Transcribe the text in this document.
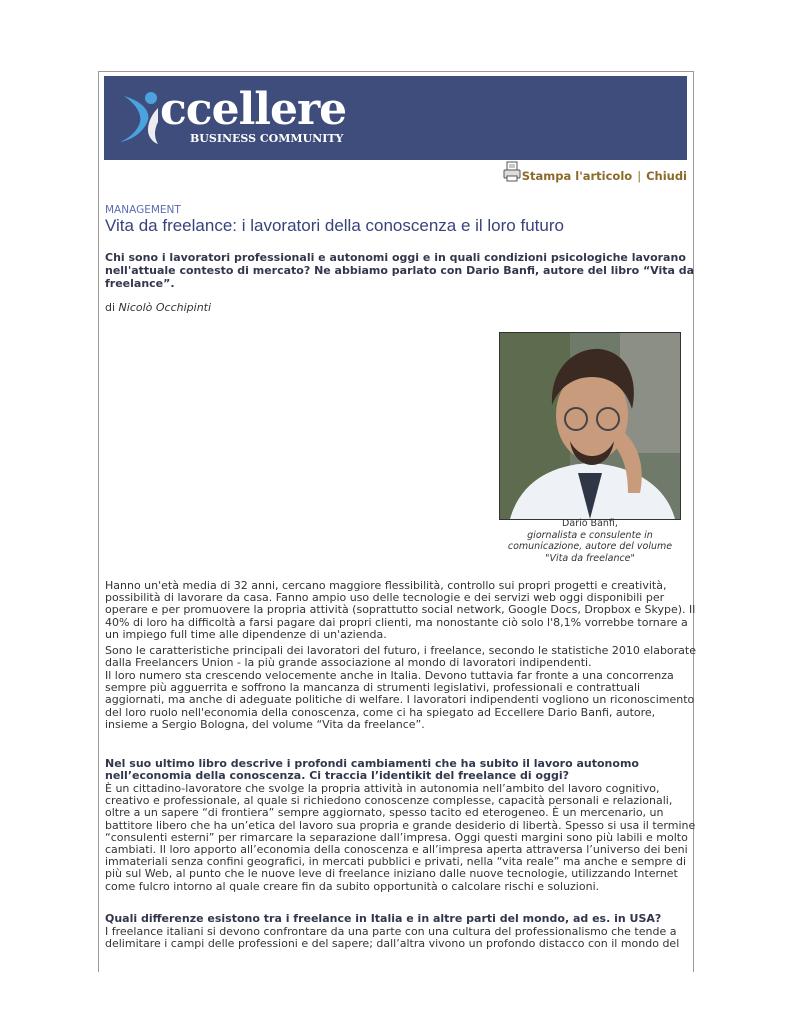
ccellere
BUSINESS COMMUNITY
Stampa l'articolo | Chiudi
MANAGEMENT
Vita da freelance: i lavoratori della conoscenza e il loro futuro

Chi sono i lavoratori professionali e autonomi oggi e in quali condizioni psicologiche lavorano nell'attuale contesto di mercato? Ne abbiamo parlato con Dario Banfi, autore del libro “Vita da freelance”.

di Nicolò Occhipinti
Dario Banfi,
giornalista e consulente in comunicazione, autore del volume "Vita da freelance"

Hanno un'età media di 32 anni, cercano maggiore flessibilità, controllo sui propri progetti e creatività, possibilità di lavorare da casa. Fanno ampio uso delle tecnologie e dei servizi web oggi disponibili per operare e per promuovere la propria attività (soprattutto social network, Google Docs, Dropbox e Skype). Il 40% di loro ha difficoltà a farsi pagare dai propri clienti, ma nonostante ciò solo l'8,1% vorrebbe tornare a un impiego full time alle dipendenze di un'azienda.

Sono le caratteristiche principali dei lavoratori del futuro, i freelance, secondo le statistiche 2010 elaborate dalla Freelancers Union - la più grande associazione al mondo di lavoratori indipendenti.

Il loro numero sta crescendo velocemente anche in Italia. Devono tuttavia far fronte a una concorrenza sempre più agguerrita e soffrono la mancanza di strumenti legislativi, professionali e contrattuali aggiornati, ma anche di adeguate politiche di welfare. I lavoratori indipendenti vogliono un riconoscimento del loro ruolo nell'economia della conoscenza, come ci ha spiegato ad Eccellere Dario Banfi, autore, insieme a Sergio Bologna, del volume “Vita da freelance”.

Nel suo ultimo libro descrive i profondi cambiamenti che ha subito il lavoro autonomo nell’economia della conoscenza. Ci traccia l’identikit del freelance di oggi?

È un cittadino-lavoratore che svolge la propria attività in autonomia nell’ambito del lavoro cognitivo, creativo e professionale, al quale si richiedono conoscenze complesse, capacità personali e relazionali, oltre a un sapere “di frontiera” sempre aggiornato, spesso tacito ed eterogeneo. È un mercenario, un battitore libero che ha un’etica del lavoro sua propria e grande desiderio di libertà. Spesso si usa il termine “consulenti esterni” per rimarcare la separazione dall’impresa. Oggi questi margini sono più labili e molto cambiati. Il loro apporto all’economia della conoscenza e all’impresa aperta attraversa l’universo dei beni immateriali senza confini geografici, in mercati pubblici e privati, nella “vita reale” ma anche e sempre di più sul Web, al punto che le nuove leve di freelance iniziano dalle nuove tecnologie, utilizzando Internet come fulcro intorno al quale creare fin da subito opportunità o calcolare rischi e soluzioni.

Quali differenze esistono tra i freelance in Italia e in altre parti del mondo, ad es. in USA?

I freelance italiani si devono confrontare da una parte con una cultura del professionalismo che tende a delimitare i campi delle professioni e del sapere; dall’altra vivono un profondo distacco con il mondo del
